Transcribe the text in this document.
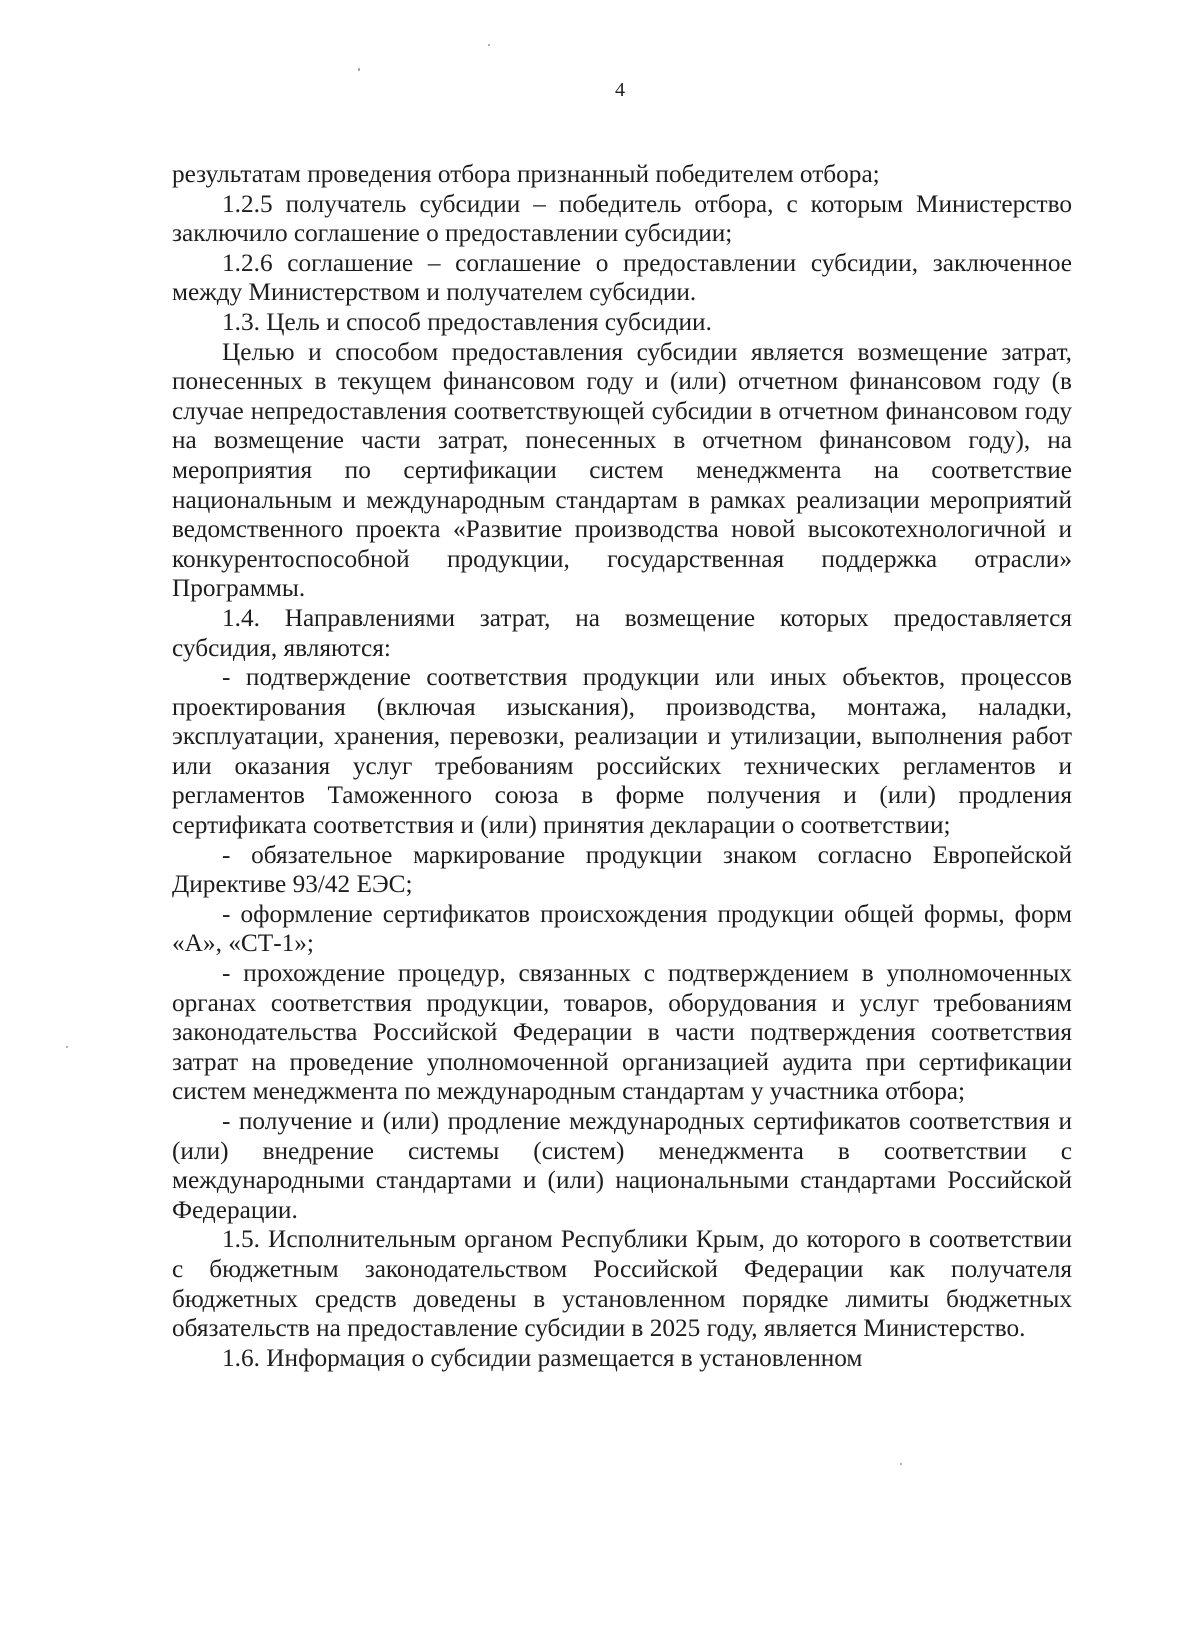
4

результатам проведения отбора признанный победителем отбора;

1.2.5 получатель субсидии – победитель отбора, с которым Министерство заключило соглашение о предоставлении субсидии;

1.2.6 соглашение – соглашение о предоставлении субсидии, заключенное между Министерством и получателем субсидии.

1.3. Цель и способ предоставления субсидии.

Целью и способом предоставления субсидии является возмещение затрат, понесенных в текущем финансовом году и (или) отчетном финансовом году (в случае непредоставления соответствующей субсидии в отчетном финансовом году на возмещение части затрат, понесенных в отчетном финансовом году), на мероприятия по сертификации систем менеджмента на соответствие национальным и международным стандартам в рамках реализации мероприятий ведомственного проекта «Развитие производства новой высокотехнологичной и конкурентоспособной продукции, государственная поддержка отрасли» Программы.

1.4. Направлениями затрат, на возмещение которых предоставляется субсидия, являются:

- подтверждение соответствия продукции или иных объектов, процессов проектирования (включая изыскания), производства, монтажа, наладки, эксплуатации, хранения, перевозки, реализации и утилизации, выполнения работ или оказания услуг требованиям российских технических регламентов и регламентов Таможенного союза в форме получения и (или) продления сертификата соответствия и (или) принятия декларации о соответствии;

- обязательное маркирование продукции знаком согласно Европейской Директиве 93/42 ЕЭС;

- оформление сертификатов происхождения продукции общей формы, форм «А», «СТ-1»;

- прохождение процедур, связанных с подтверждением в уполномоченных органах соответствия продукции, товаров, оборудования и услуг требованиям законодательства Российской Федерации в части подтверждения соответствия затрат на проведение уполномоченной организацией аудита при сертификации систем менеджмента по международным стандартам у участника отбора;

- получение и (или) продление международных сертификатов соответствия и (или) внедрение системы (систем) менеджмента в соответствии с международными стандартами и (или) национальными стандартами Российской Федерации.

1.5. Исполнительным органом Республики Крым, до которого в соответствии с бюджетным законодательством Российской Федерации как получателя бюджетных средств доведены в установленном порядке лимиты бюджетных обязательств на предоставление субсидии в 2025 году, является Министерство.

1.6. Информация о субсидии размещается в установленном
